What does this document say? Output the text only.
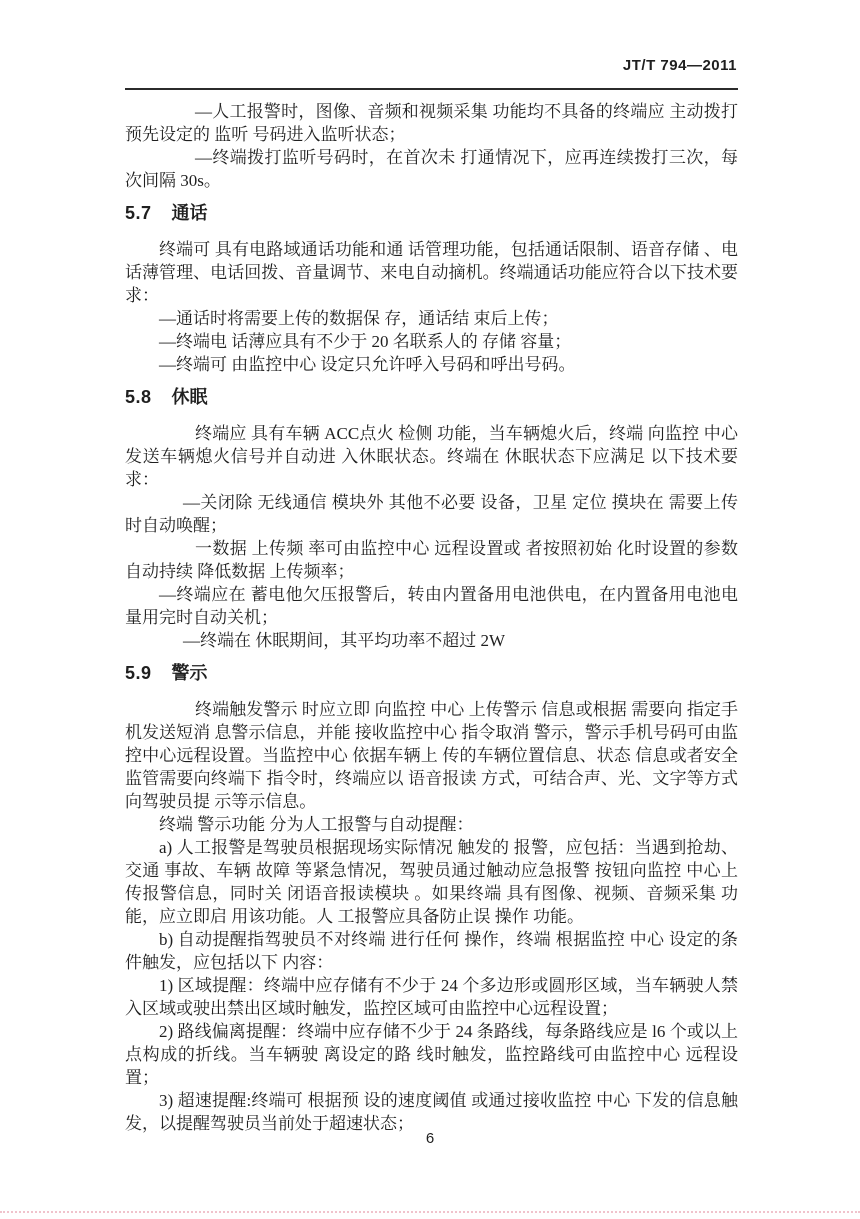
JT/T 794—2011

—人工报警时，图像、音频和视频采集 功能均不具备的终端应 主动拨打预先设定的 监听 号码进入监听状态；

—终端拨打监听号码时，在首次未 打通情况下，应再连续拨打三次，每次间隔 30s。

5.7 通话

终端可 具有电路域通话功能和通 话管理功能，包括通话限制、语音存储 、电话薄管理、电话回拨、音量调节、来电自动摘机。终端通话功能应符合以下技术要求：

—通话时将需要上传的数据保 存，通话结 束后上传；

—终端电 话薄应具有不少于 20 名联系人的 存储 容量；

—终端可 由监控中心 设定只允许呼入号码和呼出号码。

5.8 休眠

终端应 具有车辆 ACC点火 检侧 功能，当车辆熄火后，终端 向监控 中心发送车辆熄火信号并自动进 入休眠状态。终端在 休眠状态下应满足 以下技术要求：

—关闭除 无线通信 模块外 其他不必要 设备，卫星 定位 摸块在 需要上传时自动唤醒；

一数据 上传频 率可由监控中心 远程设置或 者按照初始 化时设置的参数自动持续 降低数据 上传频率；

—终端应在 蓄电他欠压报警后，转由内置备用电池供电，在内置备用电池电量用完时自动关机；

—终端在 休眠期间，其平均功率不超过 2W

5.9 警示

终端触发警示 时应立即 向监控 中心 上传警示 信息或根据 需要向 指定手机发送短消 息警示信息，并能 接收监控中心 指令取消 警示，警示手机号码可由监控中心远程设置。当监控中心 依据车辆上 传的车辆位置信息、状态 信息或者安全监管需要向终端下 指令时，终端应以 语音报读 方式，可结合声、光、文字等方式向驾驶员提 示等示信息。

终端 警示功能 分为人工报警与自动提醒：

a) 人工报警是驾驶员根据现场实际情况 触发的 报警，应包括：当遇到抢劫、交通 事故、车辆 故障 等紧急情况，驾驶员通过触动应急报警 按钮向监控 中心上传报警信息，同时关 闭语音报读模块 。如果终端 具有图像、视频、音频采集 功能，应立即启 用该功能。人 工报警应具备防止误 操作 功能。

b) 自动提醒指驾驶员不对终端 进行任何 操作，终端 根据监控 中心 设定的条件触发，应包括以下 内容：

1) 区域提醒：终端中应存储有不少于 24 个多边形或圆形区域，当车辆驶人禁入区域或驶出禁出区域时触发，监控区域可由监控中心远程设置；

2) 路线偏离提醒：终端中应存储不少于 24 条路线，每条路线应是 l6 个或以上点构成的折线。当车辆驶 离设定的路 线时触发，监控路线可由监控中心 远程设置；

3) 超速提醒:终端可 根据预 设的速度阈值 或通过接收监控 中心 下发的信息触发，以提醒驾驶员当前处于超速状态；

6
